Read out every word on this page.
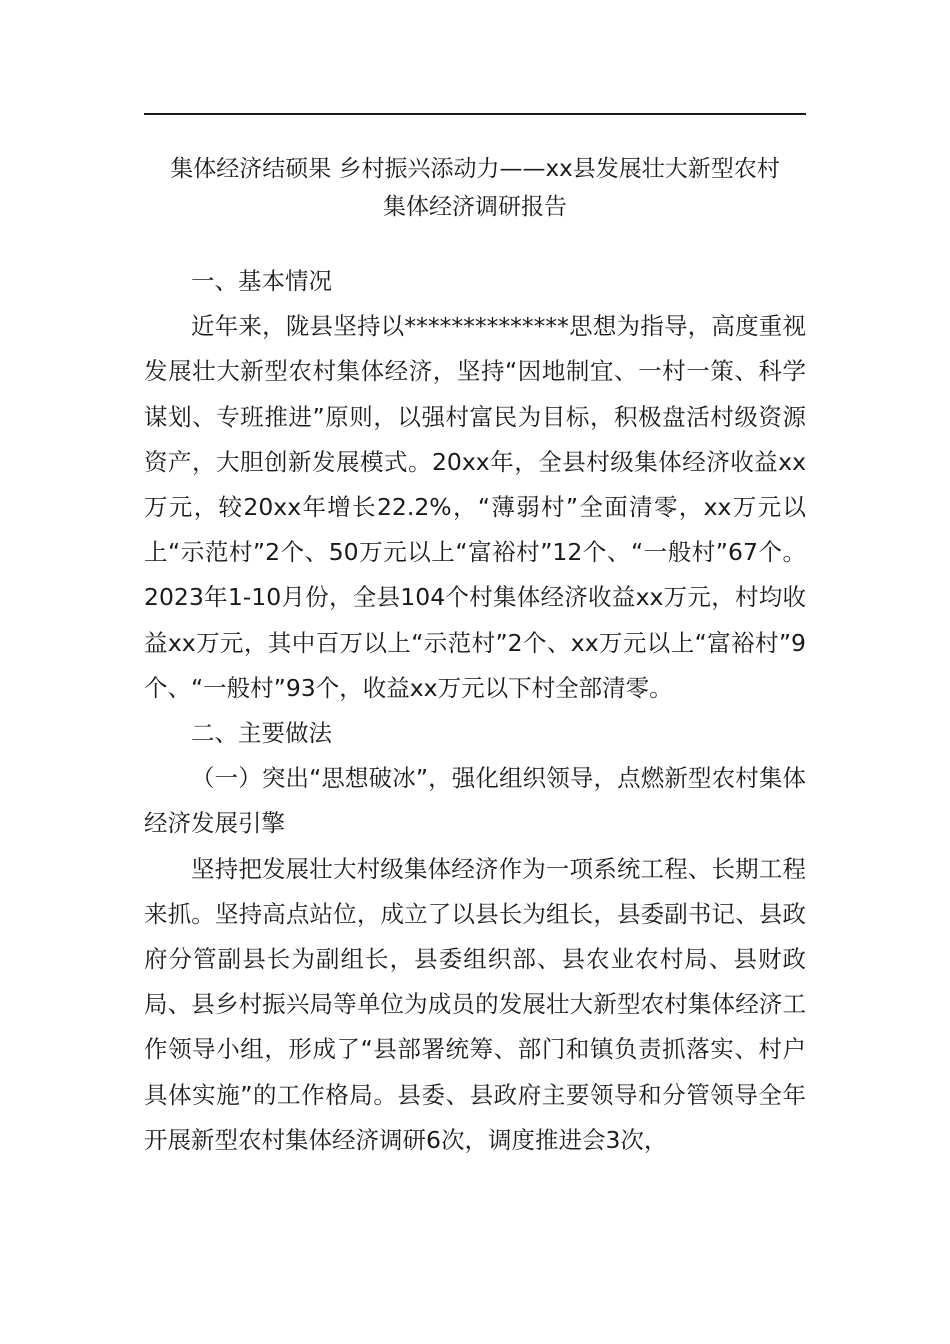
集体经济结硕果 乡村振兴添动力——xx县发展壮大新型农村
集体经济调研报告

一、基本情况

近年来，陇县坚持以**************思想为指导，高度重视发展壮大新型农村集体经济，坚持“因地制宜、一村一策、科学谋划、专班推进”原则，以强村富民为目标，积极盘活村级资源资产，大胆创新发展模式。20xx年，全县村级集体经济收益xx万元，较20xx年增长22.2%，“薄弱村”全面清零，xx万元以上“示范村”2个、50万元以上“富裕村”12个、“一般村”67个。2023年1-10月份，全县104个村集体经济收益xx万元，村均收益xx万元，其中百万以上“示范村”2个、xx万元以上“富裕村”9个、“一般村”93个，收益xx万元以下村全部清零。

二、主要做法

（一）突出“思想破冰”，强化组织领导，点燃新型农村集体经济发展引擎

坚持把发展壮大村级集体经济作为一项系统工程、长期工程来抓。坚持高点站位，成立了以县长为组长，县委副书记、县政府分管副县长为副组长，县委组织部、县农业农村局、县财政局、县乡村振兴局等单位为成员的发展壮大新型农村集体经济工作领导小组，形成了“县部署统筹、部门和镇负责抓落实、村户具体实施”的工作格局。县委、县政府主要领导和分管领导全年开展新型农村集体经济调研6次，调度推进会3次，
